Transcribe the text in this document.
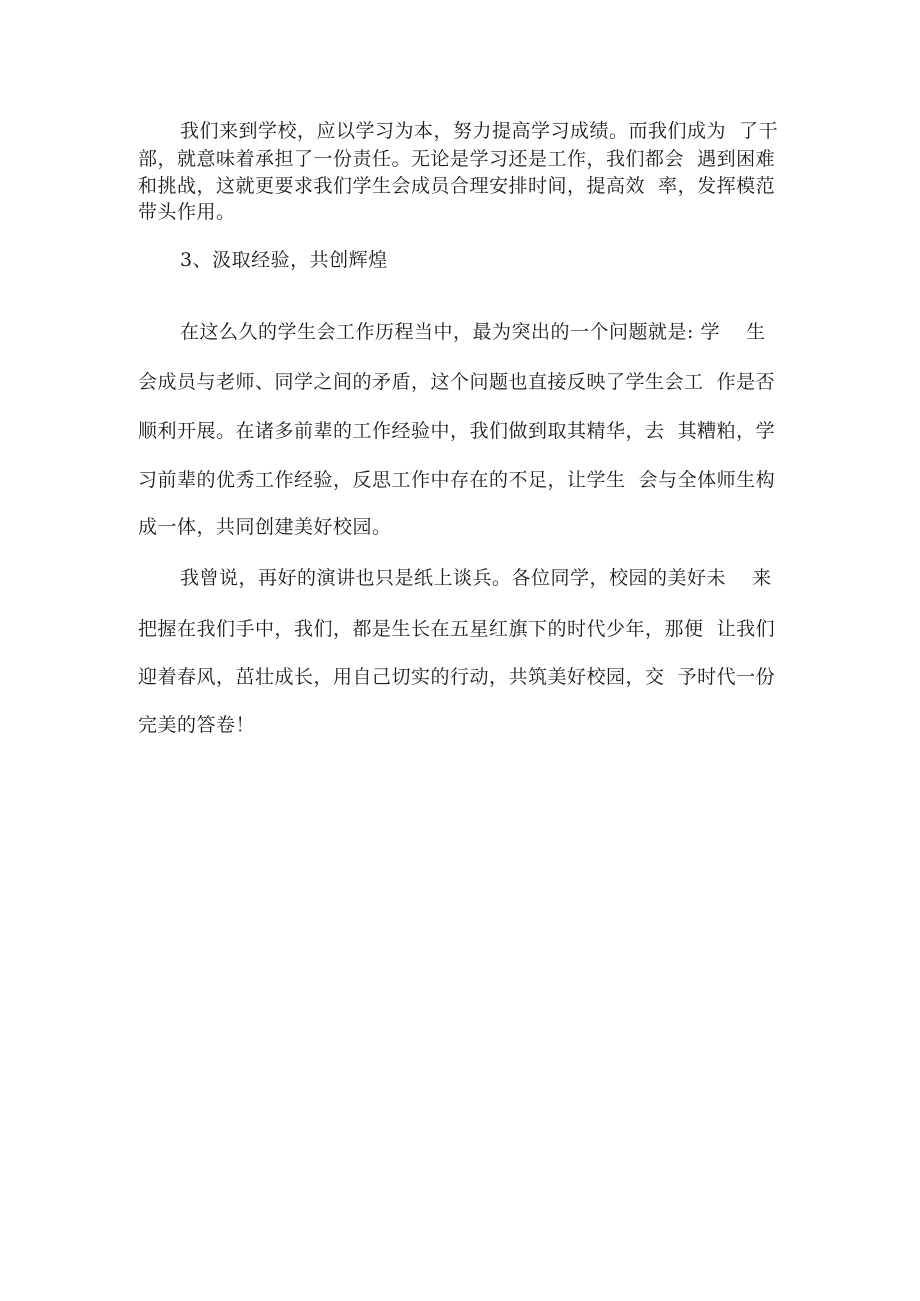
我们来到学校，应以学习为本，努力提高学习成绩。而我们成为  了干
部，就意味着承担了一份责任。无论是学习还是工作，我们都会  遇到困难
和挑战，这就更要求我们学生会成员合理安排时间，提高效  率，发挥模范
带头作用。
3、汲取经验，共创辉煌
在这么久的学生会工作历程当中，最为突出的一个问题就是: 学    生
会成员与老师、同学之间的矛盾，这个问题也直接反映了学生会工  作是否
顺利开展。在诸多前辈的工作经验中，我们做到取其精华，去  其糟粕，学
习前辈的优秀工作经验，反思工作中存在的不足，让学生  会与全体师生构
成一体，共同创建美好校园。
我曾说，再好的演讲也只是纸上谈兵。各位同学，校园的美好未    来
把握在我们手中，我们，都是生长在五星红旗下的时代少年，那便  让我们
迎着春风，茁壮成长，用自己切实的行动，共筑美好校园，交  予时代一份
完美的答卷！
